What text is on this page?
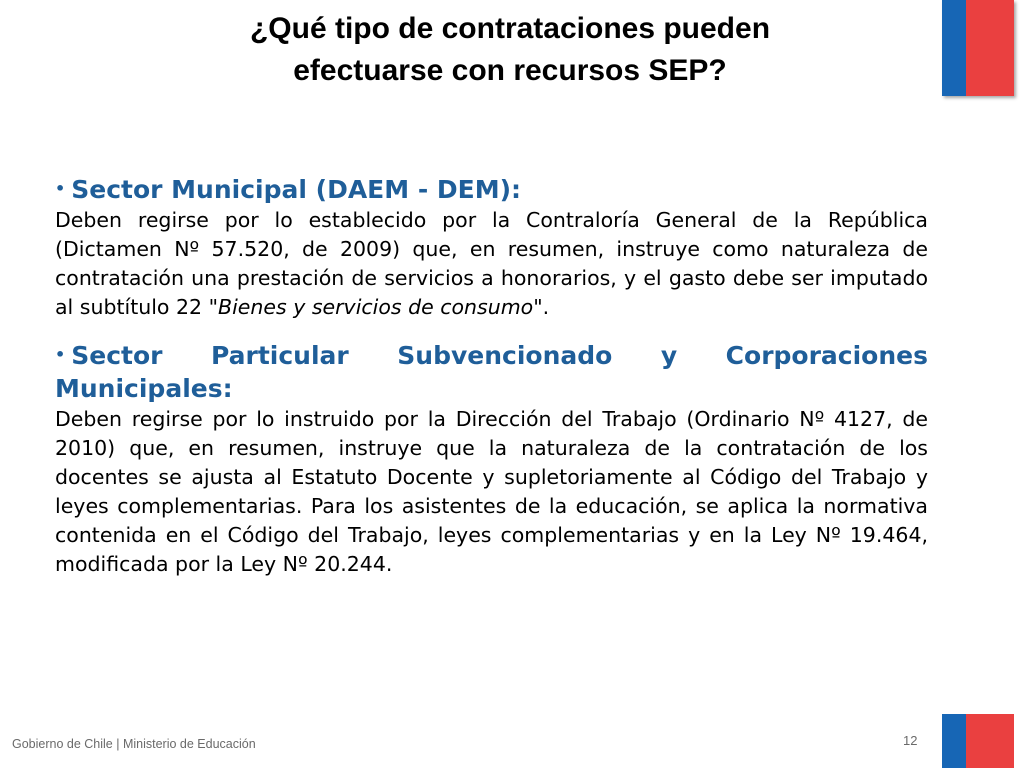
¿Qué tipo de contrataciones pueden
efectuarse con recursos SEP?

• Sector Municipal (DAEM - DEM):

Deben regirse por lo establecido por la Contraloría General de la República (Dictamen Nº 57.520, de 2009) que, en resumen, instruye como naturaleza de contratación una prestación de servicios a honorarios, y el gasto debe ser imputado al subtítulo 22 "Bienes y servicios de consumo".

• Sector Particular Subvencionado y Corporaciones Municipales:

Deben regirse por lo instruido por la Dirección del Trabajo (Ordinario Nº 4127, de 2010) que, en resumen, instruye que la naturaleza de la contratación de los docentes se ajusta al Estatuto Docente y supletoriamente al Código del Trabajo y leyes complementarias. Para los asistentes de la educación, se aplica la normativa contenida en el Código del Trabajo, leyes complementarias y en la Ley Nº 19.464, modificada por la Ley Nº 20.244.

Gobierno de Chile | Ministerio de Educación	12
